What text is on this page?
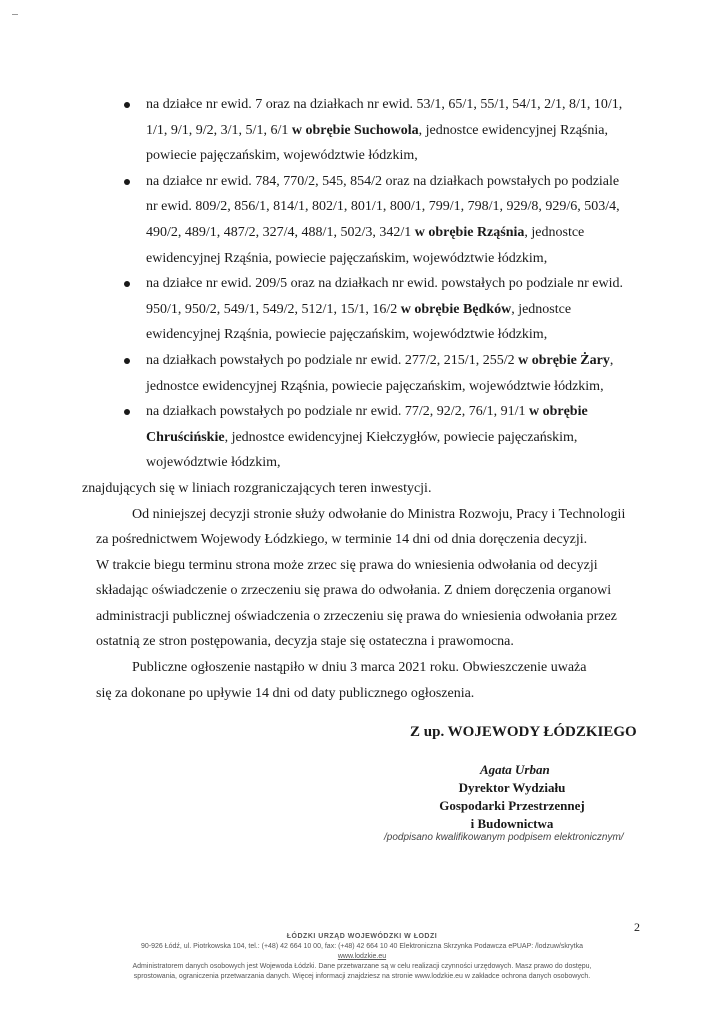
na działce nr ewid. 7 oraz na działkach nr ewid. 53/1, 65/1, 55/1, 54/1, 2/1, 8/1, 10/1,

1/1, 9/1, 9/2, 3/1, 5/1, 6/1 w obrębie Suchowola, jednostce ewidencyjnej Rząśnia,

powiecie pajęczańskim, województwie łódzkim,

na działce nr ewid. 784, 770/2, 545, 854/2 oraz na działkach powstałych po podziale

nr ewid. 809/2, 856/1, 814/1, 802/1, 801/1, 800/1, 799/1, 798/1, 929/8, 929/6, 503/4,

490/2, 489/1, 487/2, 327/4, 488/1, 502/3, 342/1 w obrębie Rząśnia, jednostce

ewidencyjnej Rząśnia, powiecie pajęczańskim, województwie łódzkim,

na działce nr ewid. 209/5 oraz na działkach nr ewid. powstałych po podziale nr ewid.

950/1, 950/2, 549/1, 549/2, 512/1, 15/1, 16/2 w obrębie Będków, jednostce

ewidencyjnej Rząśnia, powiecie pajęczańskim, województwie łódzkim,

na działkach powstałych po podziale nr ewid. 277/2, 215/1, 255/2 w obrębie Żary,

jednostce ewidencyjnej Rząśnia, powiecie pajęczańskim, województwie łódzkim,

na działkach powstałych po podziale nr ewid. 77/2, 92/2, 76/1, 91/1 w obrębie

Chruścińskie, jednostce ewidencyjnej Kiełczygłów, powiecie pajęczańskim,

województwie łódzkim,

znajdujących się w liniach rozgraniczających teren inwestycji.

Od niniejszej decyzji stronie służy odwołanie do Ministra Rozwoju, Pracy i Technologii

za pośrednictwem Wojewody Łódzkiego, w terminie 14 dni od dnia doręczenia decyzji.

W trakcie biegu terminu strona może zrzec się prawa do wniesienia odwołania od decyzji

składając oświadczenie o zrzeczeniu się prawa do odwołania. Z dniem doręczenia organowi

administracji publicznej oświadczenia o zrzeczeniu się prawa do wniesienia odwołania przez

ostatnią ze stron postępowania, decyzja staje się ostateczna i prawomocna.

Publiczne ogłoszenie nastąpiło w dniu 3 marca 2021 roku. Obwieszczenie uważa

się za dokonane po upływie 14 dni od daty publicznego ogłoszenia.

Z up. WOJEWODY ŁÓDZKIEGO
Agata Urban
Dyrektor Wydziału
Gospodarki Przestrzennej
i Budownictwa
/podpisano kwalifikowanym podpisem elektronicznym/
2
ŁÓDZKI URZĄD WOJEWÓDZKI W ŁODZI
90-926 Łódź, ul. Piotrkowska 104, tel.: (+48) 42 664 10 00, fax: (+48) 42 664 10 40 Elektroniczna Skrzynka Podawcza ePUAP: /lodzuw/skrytka
www.lodzkie.eu
Administratorem danych osobowych jest Wojewoda Łódzki. Dane przetwarzane są w celu realizacji czynności urzędowych. Masz prawo do dostępu,
sprostowania, ograniczenia przetwarzania danych. Więcej informacji znajdziesz na stronie www.lodzkie.eu w zakładce ochrona danych osobowych.
